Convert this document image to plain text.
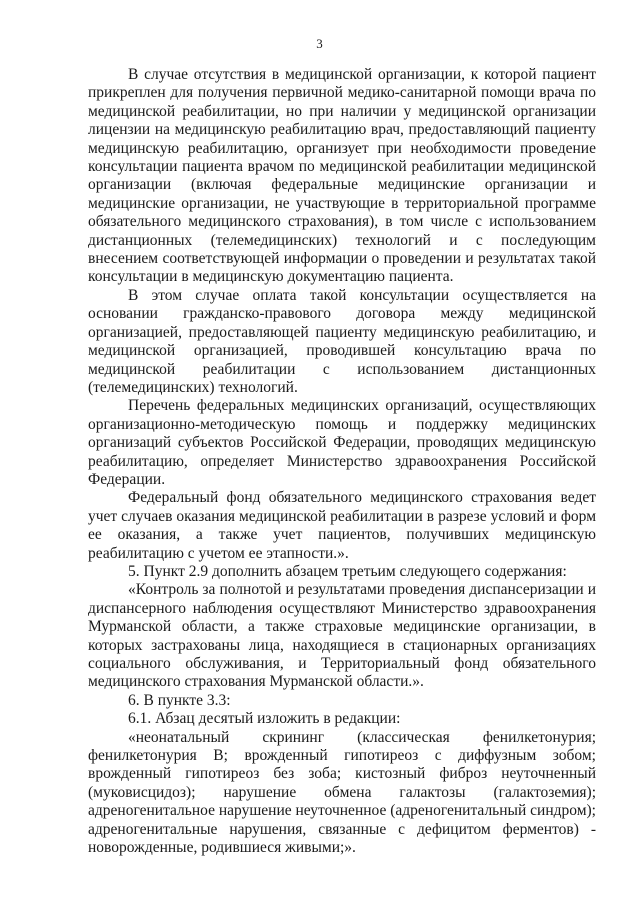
3

В случае отсутствия в медицинской организации, к которой пациент прикреплен для получения первичной медико-санитарной помощи врача по медицинской реабилитации, но при наличии у медицинской организации лицензии на медицинскую реабилитацию врач, предоставляющий пациенту медицинскую реабилитацию, организует при необходимости проведение консультации пациента врачом по медицинской реабилитации медицинской организации (включая федеральные медицинские организации и медицинские организации, не участвующие в территориальной программе обязательного медицинского страхования), в том числе с использованием дистанционных (телемедицинских) технологий и с последующим внесением соответствующей информации о проведении и результатах такой консультации в медицинскую документацию пациента.

В этом случае оплата такой консультации осуществляется на основании гражданско-правового договора между медицинской организацией, предоставляющей пациенту медицинскую реабилитацию, и медицинской организацией, проводившей консультацию врача по медицинской реабилитации с использованием дистанционных (телемедицинских) технологий.

Перечень федеральных медицинских организаций, осуществляющих организационно-методическую помощь и поддержку медицинских организаций субъектов Российской Федерации, проводящих медицинскую реабилитацию, определяет Министерство здравоохранения Российской Федерации.

Федеральный фонд обязательного медицинского страхования ведет учет случаев оказания медицинской реабилитации в разрезе условий и форм ее оказания, а также учет пациентов, получивших медицинскую реабилитацию с учетом ее этапности.».

5. Пункт 2.9 дополнить абзацем третьим следующего содержания:

«Контроль за полнотой и результатами проведения диспансеризации и диспансерного наблюдения осуществляют Министерство здравоохранения Мурманской области, а также страховые медицинские организации, в которых застрахованы лица, находящиеся в стационарных организациях социального обслуживания, и Территориальный фонд обязательного медицинского страхования Мурманской области.».

6. В пункте 3.3:

6.1. Абзац десятый изложить в редакции:

«неонатальный скрининг (классическая фенилкетонурия; фенилкетонурия B; врожденный гипотиреоз с диффузным зобом; врожденный гипотиреоз без зоба; кистозный фиброз неуточненный (муковисцидоз); нарушение обмена галактозы (галактоземия); адреногенитальное нарушение неуточненное (адреногенитальный синдром); адреногенитальные нарушения, связанные с дефицитом ферментов) - новорожденные, родившиеся живыми;».
